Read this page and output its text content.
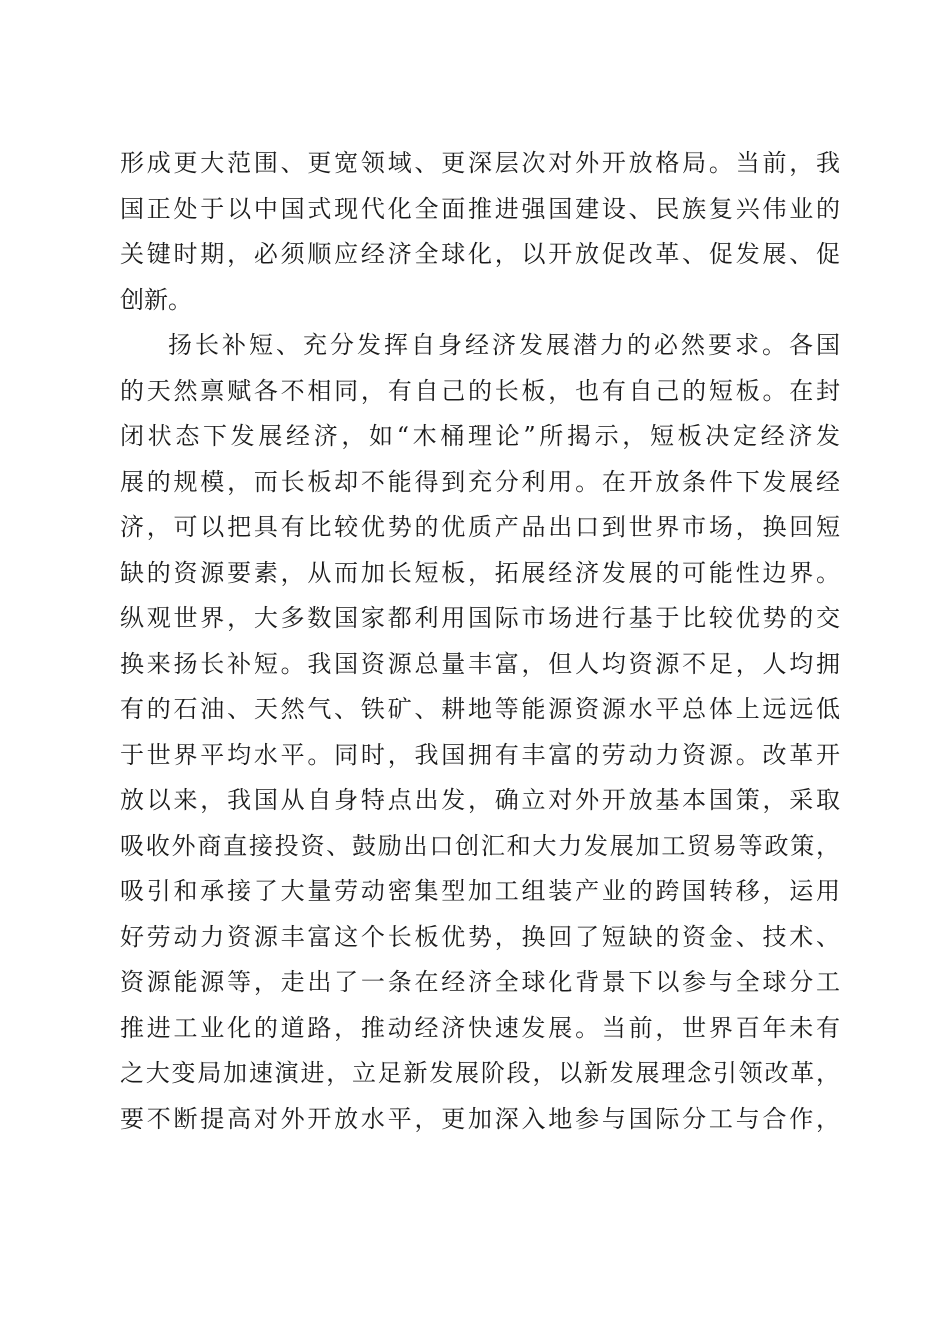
形成更大范围、更宽领域、更深层次对外开放格局。当前，我
国正处于以中国式现代化全面推进强国建设、民族复兴伟业的
关键时期，必须顺应经济全球化，以开放促改革、促发展、促
创新。
扬长补短、充分发挥自身经济发展潜力的必然要求。各国
的天然禀赋各不相同，有自己的长板，也有自己的短板。在封
闭状态下发展经济，如“木桶理论”所揭示，短板决定经济发
展的规模，而长板却不能得到充分利用。在开放条件下发展经
济，可以把具有比较优势的优质产品出口到世界市场，换回短
缺的资源要素，从而加长短板，拓展经济发展的可能性边界。
纵观世界，大多数国家都利用国际市场进行基于比较优势的交
换来扬长补短。我国资源总量丰富，但人均资源不足，人均拥
有的石油、天然气、铁矿、耕地等能源资源水平总体上远远低
于世界平均水平。同时，我国拥有丰富的劳动力资源。改革开
放以来，我国从自身特点出发，确立对外开放基本国策，采取
吸收外商直接投资、鼓励出口创汇和大力发展加工贸易等政策，
吸引和承接了大量劳动密集型加工组装产业的跨国转移，运用
好劳动力资源丰富这个长板优势，换回了短缺的资金、技术、
资源能源等，走出了一条在经济全球化背景下以参与全球分工
推进工业化的道路，推动经济快速发展。当前，世界百年未有
之大变局加速演进，立足新发展阶段，以新发展理念引领改革，
要不断提高对外开放水平，更加深入地参与国际分工与合作，
